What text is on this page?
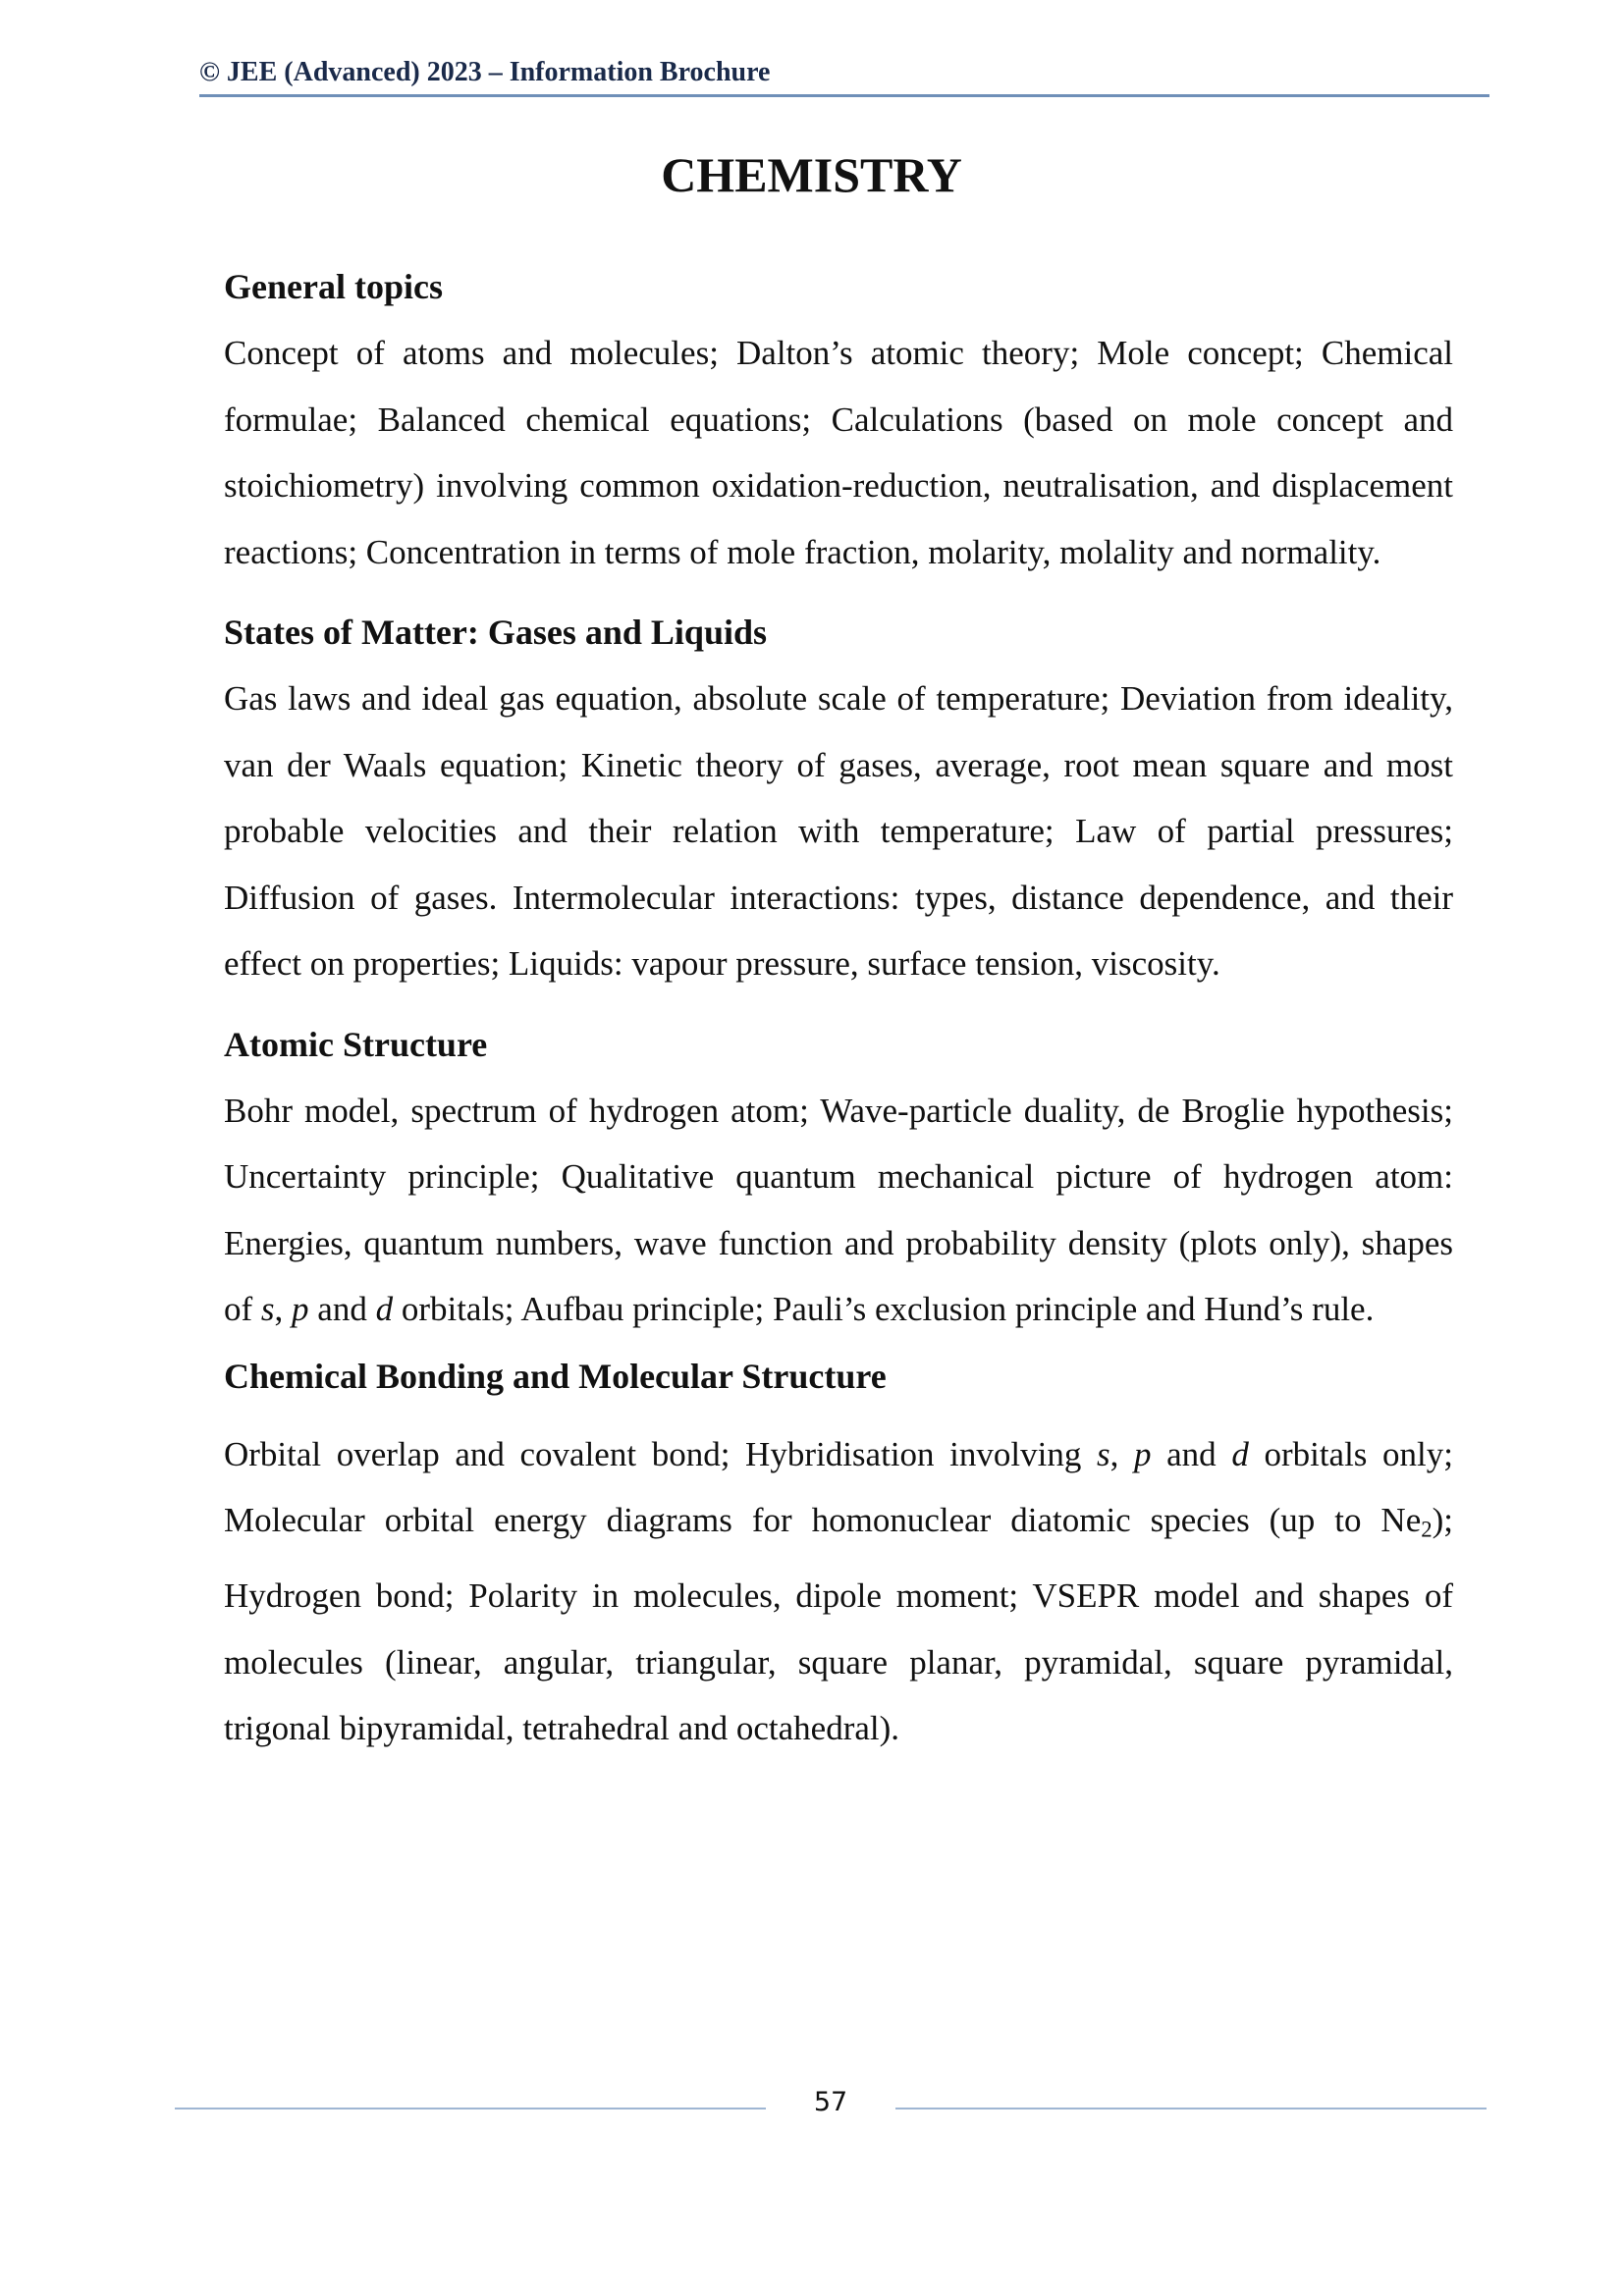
© JEE (Advanced) 2023 – Information Brochure
CHEMISTRY
General topics

Concept of atoms and molecules; Dalton’s atomic theory; Mole concept; Chemical formulae; Balanced chemical equations; Calculations (based on mole concept and stoichiometry) involving common oxidation-reduction, neutralisation, and displacement reactions; Concentration in terms of mole fraction, molarity, molality and normality.

States of Matter: Gases and Liquids

Gas laws and ideal gas equation, absolute scale of temperature; Deviation from ideality, van der Waals equation; Kinetic theory of gases, average, root mean square and most probable velocities and their relation with temperature; Law of partial pressures; Diffusion of gases. Intermolecular interactions: types, distance dependence, and their effect on properties; Liquids: vapour pressure, surface tension, viscosity.

Atomic Structure

Bohr model, spectrum of hydrogen atom; Wave-particle duality, de Broglie hypothesis; Uncertainty principle; Qualitative quantum mechanical picture of hydrogen atom: Energies, quantum numbers, wave function and probability density (plots only), shapes of s, p and d orbitals; Aufbau principle; Pauli’s exclusion principle and Hund’s rule.

Chemical Bonding and Molecular Structure

Orbital overlap and covalent bond; Hybridisation involving s, p and d orbitals only; Molecular orbital energy diagrams for homonuclear diatomic species (up to $Ne_2$); Hydrogen bond; Polarity in molecules, dipole moment; VSEPR model and shapes of molecules (linear, angular, triangular, square planar, pyramidal, square pyramidal, trigonal bipyramidal, tetrahedral and octahedral).

57
